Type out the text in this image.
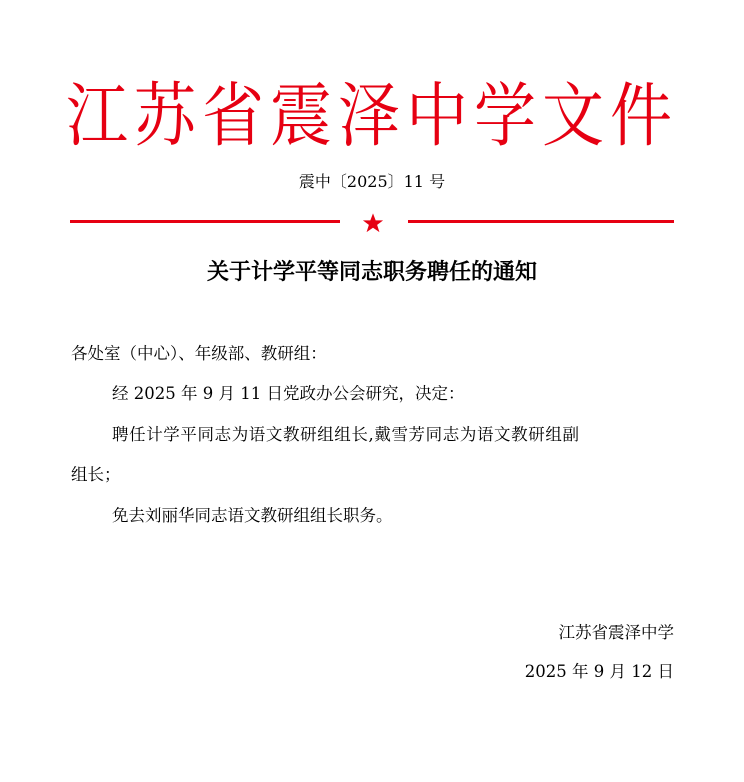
江苏省震泽中学文件
震中〔2025〕11 号
关于计学平等同志职务聘任的通知
各处室（中心）、年级部、教研组：
经 2025 年 9 月 11 日党政办公会研究，决定：
聘任计学平同志为语文教研组组长,戴雪芳同志为语文教研组副
组长；
免去刘丽华同志语文教研组组长职务。
江苏省震泽中学
2025 年 9 月 12 日
